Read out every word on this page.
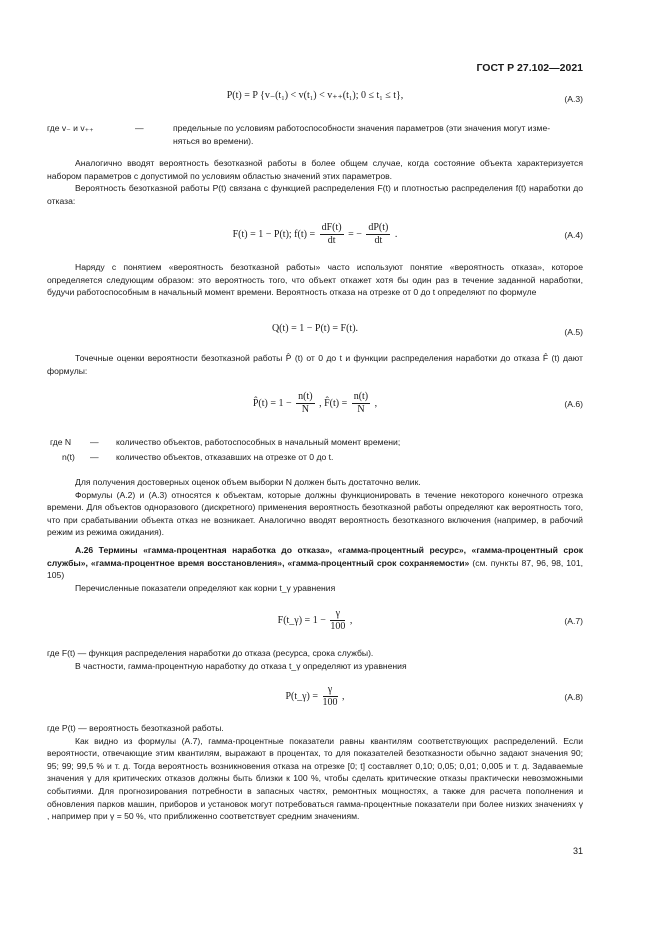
ГОСТ Р 27.102—2021
P(t) = P {v₋(t₁) < v(t₁) < v₊₊(t₁); 0 ≤ t₁ ≤ t},	(А.3)
где v₋ и v₊₊	—	предельные по условиям работоспособности значения параметров (эти значения могут изме-
няться во времени).

Аналогично вводят вероятность безотказной работы в более общем случае, когда состояние объекта характеризуется набором параметров с допустимой по условиям областью значений этих параметров.

Вероятность безотказной работы P(t) связана с функцией распределения F(t) и плотностью распределения f(t) наработки до отказа:

F(t) = 1 − P(t); $f(t) = \frac{dF(t)}{dt}$ = − $\frac{dP(t)}{dt}$ .	(А.4)

Наряду с понятием «вероятность безотказной работы» часто используют понятие «вероятность отказа», которое определяется следующим образом: это вероятность того, что объект откажет хотя бы один раз в течение заданной наработки, будучи работоспособным в начальный момент времени. Вероятность отказа на отрезке от 0 до t определяют по формуле

Q(t) = 1 − P(t) = F(t).	(А.5)

Точечные оценки вероятности безотказной работы P̂ (t) от 0 до t и функции распределения наработки до отказа F̂ (t) дают формулы:

P̂(t) = $1 - \frac{n(t)}{N}$ , F̂(t) = $\frac{n(t)}{N}$ ,	(А.6)
где N — количество объектов, работоспособных в начальный момент времени;
n(t) — количество объектов, отказавших на отрезке от 0 до t.

Для получения достоверных оценок объем выборки N должен быть достаточно велик.

Формулы (А.2) и (А.3) относятся к объектам, которые должны функционировать в течение некоторого конечного отрезка времени. Для объектов одноразового (дискретного) применения вероятность безотказной работы определяют как вероятность того, что при срабатывании объекта отказ не возникает. Аналогично вводят вероятность безотказного включения (например, в рабочий режим из режима ожидания).

А.26 Термины «гамма-процентная наработка до отказа», «гамма-процентный ресурс», «гамма-процентный срок службы», «гамма-процентное время восстановления», «гамма-процентный срок сохраняемости» (см. пункты 87, 96, 98, 101, 105)

Перечисленные показатели определяют как корни t_γ уравнения

F(t_γ) = $1 - \frac{\gamma}{100}$ ,	(А.7)

где F(t) — функция распределения наработки до отказа (ресурса, срока службы).

В частности, гамма-процентную наработку до отказа t_γ определяют из уравнения

P(t_γ) = $\frac{\gamma}{100}$ ,	(А.8)

где P(t) — вероятность безотказной работы.

Как видно из формулы (А.7), гамма-процентные показатели равны квантилям соответствующих распределений. Если вероятности, отвечающие этим квантилям, выражают в процентах, то для показателей безотказности обычно задают значения 90; 95; 99; 99,5 % и т. д. Тогда вероятность возникновения отказа на отрезке [0; t] составляет 0,10; 0,05; 0,01; 0,005 и т. д. Задаваемые значения γ для критических отказов должны быть близки к 100 %, чтобы сделать критические отказы практически невозможными событиями. Для прогнозирования потребности в запасных частях, ремонтных мощностях, а также для расчета пополнения и обновления парков машин, приборов и установок могут потребоваться гамма-процентные показатели при более низких значениях γ , например при γ = 50 %, что приближенно соответствует средним значениям.

31
